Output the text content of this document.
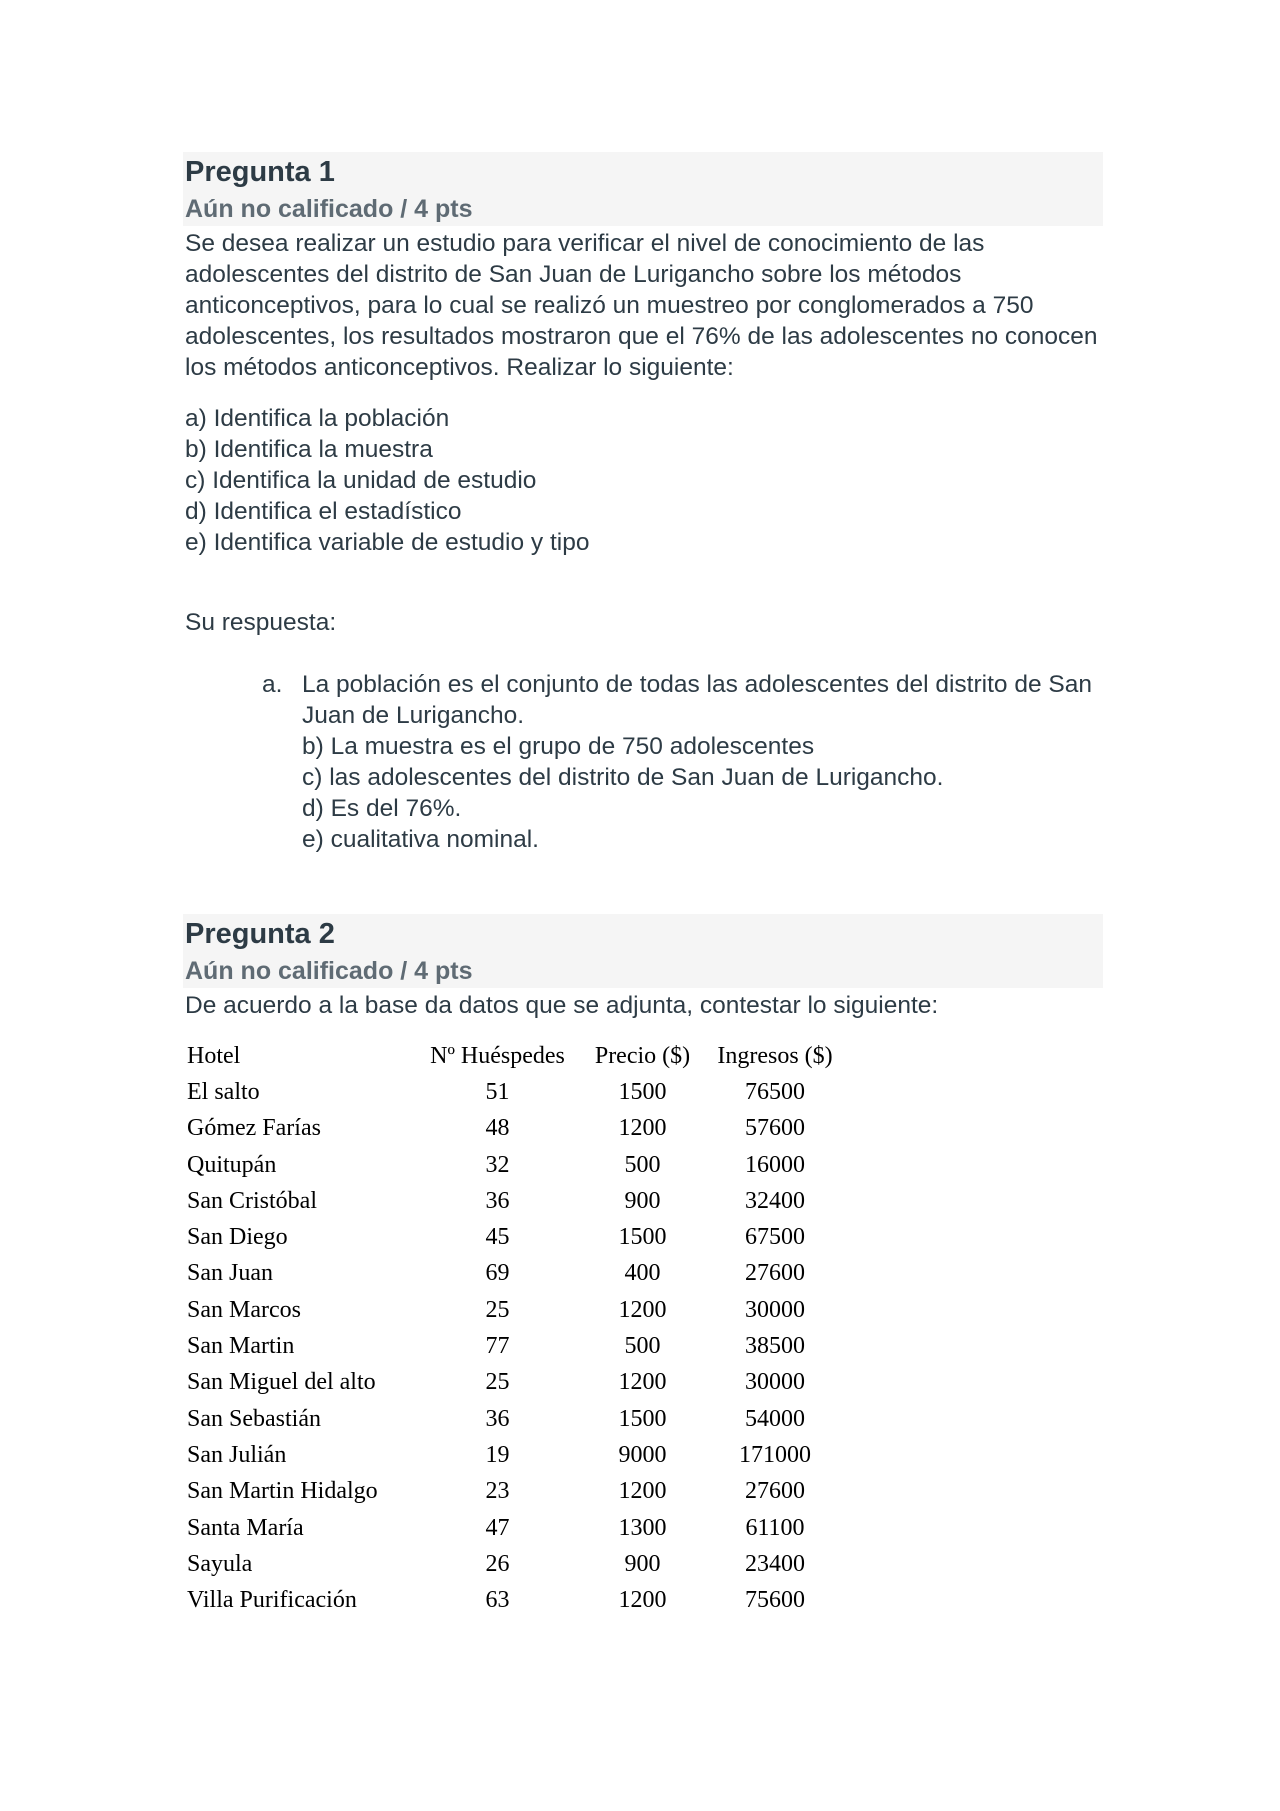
Pregunta 1
Aún no calificado / 4 pts

Se desea realizar un estudio para verificar el nivel de conocimiento de las adolescentes del distrito de San Juan de Lurigancho sobre los métodos anticonceptivos, para lo cual se realizó un muestreo por conglomerados a 750 adolescentes, los resultados mostraron que el 76% de las adolescentes no conocen los métodos anticonceptivos. Realizar lo siguiente:

a) Identifica la población

b) Identifica la muestra

c) Identifica la unidad de estudio

d) Identifica el estadístico

e) Identifica variable de estudio y tipo

Su respuesta:

a. La población es el conjunto de todas las adolescentes del distrito de San Juan de Lurigancho.

b) La muestra es el grupo de 750 adolescentes

c) las adolescentes del distrito de San Juan de Lurigancho.

d) Es del 76%.

e) cualitativa nominal.

Pregunta 2
Aún no calificado / 4 pts

De acuerdo a la base da datos que se adjunta, contestar lo siguiente:

Hotel	Nº Huéspedes	Precio ($)	Ingresos ($)
El salto	51	1500	76500
Gómez Farías	48	1200	57600
Quitupán	32	500	16000
San Cristóbal	36	900	32400
San Diego	45	1500	67500
San Juan	69	400	27600
San Marcos	25	1200	30000
San Martin	77	500	38500
San Miguel del alto	25	1200	30000
San Sebastián	36	1500	54000
San Julián	19	9000	171000
San Martin Hidalgo	23	1200	27600
Santa María	47	1300	61100
Sayula	26	900	23400
Villa Purificación	63	1200	75600
